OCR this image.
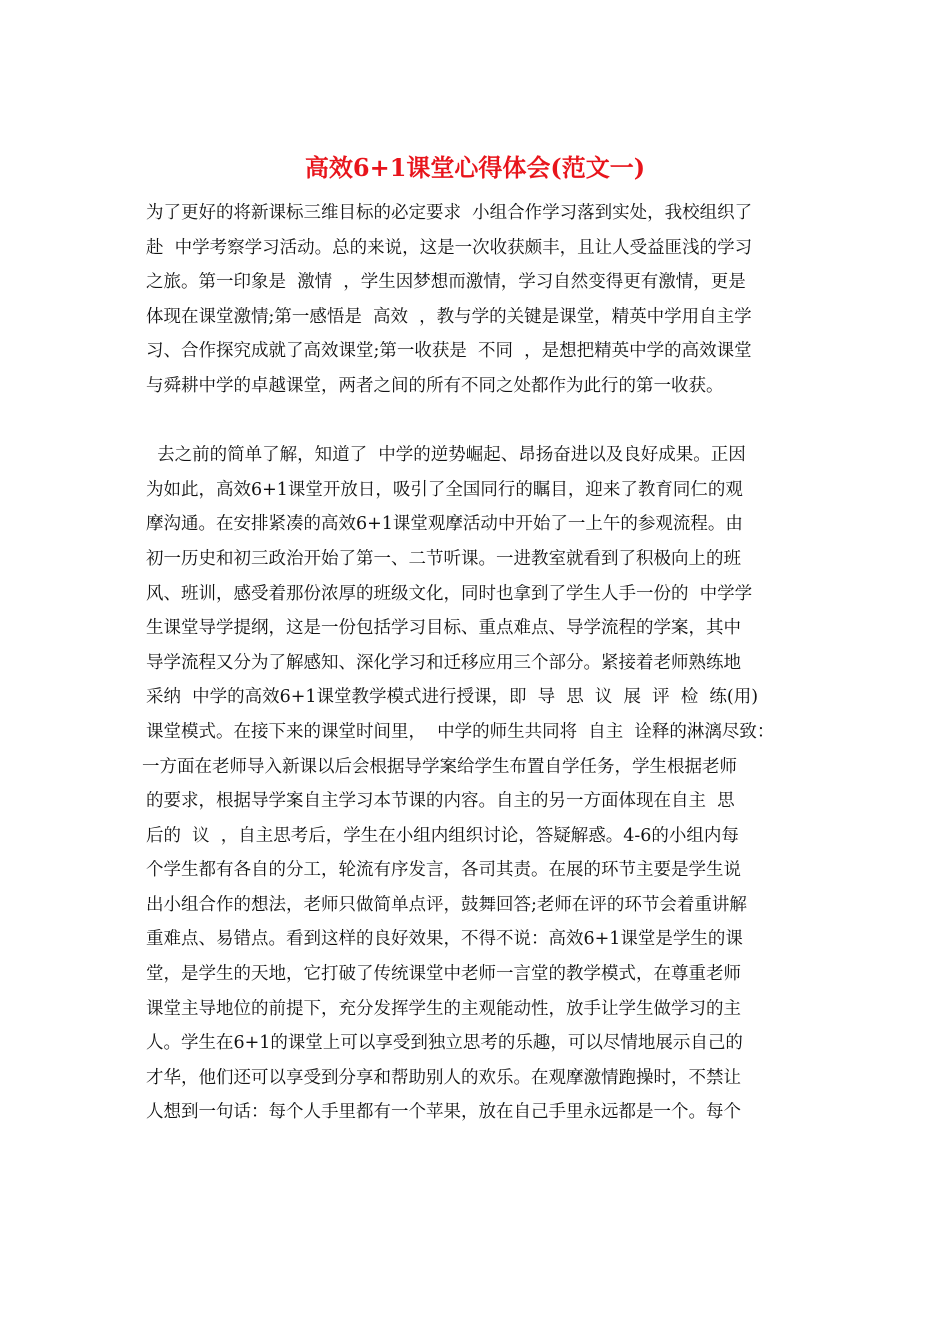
高效6+1课堂心得体会(范文一)
为了更好的将新课标三维目标的必定要求  小组合作学习落到实处，我校组织了
赴  中学考察学习活动。总的来说，这是一次收获颇丰，且让人受益匪浅的学习
之旅。第一印象是  激情  ，学生因梦想而激情，学习自然变得更有激情，更是
体现在课堂激情;第一感悟是  高效  ，教与学的关键是课堂，精英中学用自主学
习、合作探究成就了高效课堂;第一收获是  不同  ，是想把精英中学的高效课堂
与舜耕中学的卓越课堂，两者之间的所有不同之处都作为此行的第一收获。
去之前的简单了解，知道了  中学的逆势崛起、昂扬奋进以及良好成果。正因
为如此，高效6+1课堂开放日，吸引了全国同行的瞩目，迎来了教育同仁的观
摩沟通。在安排紧凑的高效6+1课堂观摩活动中开始了一上午的参观流程。由
初一历史和初三政治开始了第一、二节听课。一进教室就看到了积极向上的班
风、班训，感受着那份浓厚的班级文化，同时也拿到了学生人手一份的  中学学
生课堂导学提纲，这是一份包括学习目标、重点难点、导学流程的学案，其中
导学流程又分为了解感知、深化学习和迁移应用三个部分。紧接着老师熟练地
采纳  中学的高效6+1课堂教学模式进行授课，即  导  思  议  展  评  检  练(用)
课堂模式。在接下来的课堂时间里，  中学的师生共同将  自主  诠释的淋漓尽致：
一方面在老师导入新课以后会根据导学案给学生布置自学任务，学生根据老师
的要求，根据导学案自主学习本节课的内容。自主的另一方面体现在自主  思
后的  议  ，自主思考后，学生在小组内组织讨论，答疑解惑。4-6的小组内每
个学生都有各自的分工，轮流有序发言，各司其责。在展的环节主要是学生说
出小组合作的想法，老师只做简单点评，鼓舞回答;老师在评的环节会着重讲解
重难点、易错点。看到这样的良好效果，不得不说：高效6+1课堂是学生的课
堂，是学生的天地，它打破了传统课堂中老师一言堂的教学模式，在尊重老师
课堂主导地位的前提下，充分发挥学生的主观能动性，放手让学生做学习的主
人。学生在6+1的课堂上可以享受到独立思考的乐趣，可以尽情地展示自己的
才华，他们还可以享受到分享和帮助别人的欢乐。在观摩激情跑操时，不禁让
人想到一句话：每个人手里都有一个苹果，放在自己手里永远都是一个。每个
